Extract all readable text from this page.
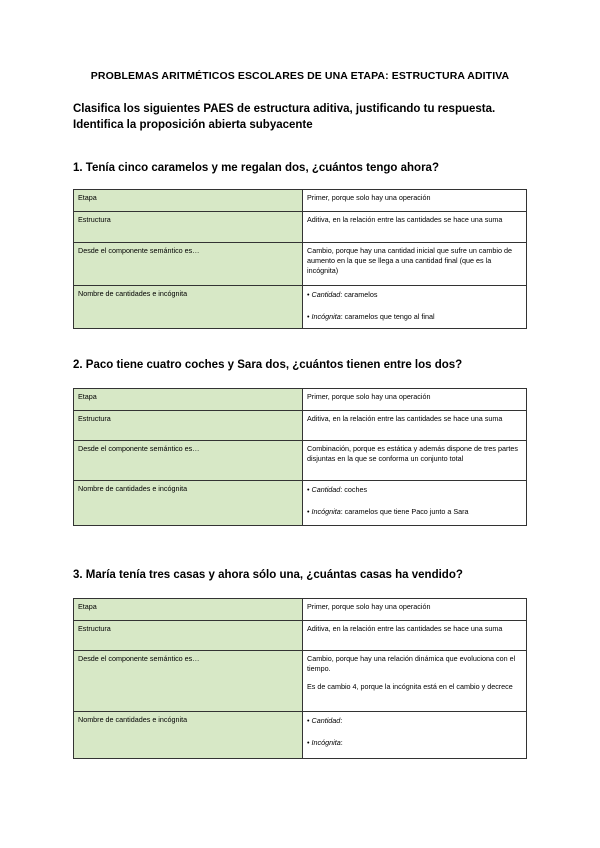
PROBLEMAS ARITMÉTICOS ESCOLARES DE UNA ETAPA: ESTRUCTURA ADITIVA
Clasifica los siguientes PAES de estructura aditiva, justificando tu respuesta.
Identifica la proposición abierta subyacente
1. Tenía cinco caramelos y me regalan dos, ¿cuántos tengo ahora?
Etapa	Primer, porque solo hay una operación
Estructura	Aditiva, en la relación entre las cantidades se hace una suma
Desde el componente semántico es…	Cambio, porque hay una cantidad inicial que sufre un cambio de aumento en la que se llega a una cantidad final (que es la incógnita)
Nombre de cantidades e incógnita	• Cantidad: caramelos
• Incógnita: caramelos que tengo al final
2. Paco tiene cuatro coches y Sara dos, ¿cuántos tienen entre los dos?
Etapa	Primer, porque solo hay una operación
Estructura	Aditiva, en la relación entre las cantidades se hace una suma
Desde el componente semántico es…	Combinación, porque es estática y además dispone de tres partes disjuntas en la que se conforma un conjunto total
Nombre de cantidades e incógnita	• Cantidad: coches
• Incógnita: caramelos que tiene Paco junto a Sara
3. María tenía tres casas y ahora sólo una, ¿cuántas casas ha vendido?
Etapa	Primer, porque solo hay una operación
Estructura	Aditiva, en la relación entre las cantidades se hace una suma
Desde el componente semántico es…	Cambio, porque hay una relación dinámica que evoluciona con el tiempo.
Es de cambio 4, porque la incógnita está en el cambio y decrece

Nombre de cantidades e incógnita	• Cantidad:
• Incógnita:
